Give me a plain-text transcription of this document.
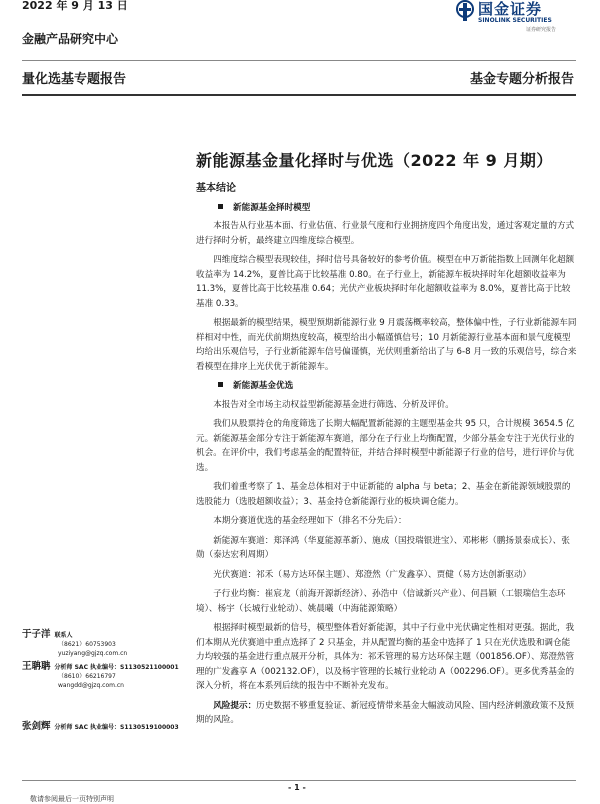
2022 年 9 月 13 日	国金证券
SINOLINK SECURITIES
证券研究报告
金融产品研究中心
量化选基专题报告	基金专题分析报告
新能源基金量化择时与优选（2022 年 9 月期）
基本结论
新能源基金择时模型

本报告从行业基本面、行业估值、行业景气度和行业拥挤度四个角度出发，通过客观定量的方式进行择时分析，最终建立四维度综合模型。

四维度综合模型表现较佳，择时信号具备较好的参考价值。模型在申万新能指数上回测年化超额收益率为 14.2%，夏普比高于比较基准 0.80。在子行业上，新能源车板块择时年化超额收益率为 11.3%，夏普比高于比较基准 0.64；光伏产业板块择时年化超额收益率为 8.0%，夏普比高于比较基准 0.33。

根据最新的模型结果，模型预期新能源行业 9 月震荡概率较高，整体偏中性，子行业新能源车同样相对中性，而光伏前期热度较高，模型给出小幅谨慎信号；10 月新能源行业基本面和景气度模型均给出乐观信号，子行业新能源车信号偏谨慎，光伏则重新给出了与 6-8 月一致的乐观信号，综合来看模型在排序上光伏优于新能源车。

新能源基金优选

本报告对全市场主动权益型新能源基金进行筛选、分析及评价。

我们从股票持仓的角度筛选了长期大幅配置新能源的主题型基金共 95 只，合计规模 3654.5 亿元。新能源基金部分专注于新能源车赛道，部分在子行业上均衡配置，少部分基金专注于光伏行业的机会。在评价中，我们考虑基金的配置特征，并结合择时模型中新能源子行业的信号，进行评价与优选。

我们着重考察了 1、基金总体相对于中证新能的 alpha 与 beta；2、基金在新能源领域股票的选股能力（选股超额收益）；3、基金持仓新能源行业的板块调仓能力。

本期分赛道优选的基金经理如下（排名不分先后）：

新能源车赛道：郑泽鸿（华夏能源革新）、施成（国投瑞银进宝）、邓彬彬（鹏扬景泰成长）、张勋（泰达宏利周期）

光伏赛道：祁禾（易方达环保主题）、郑澄然（广发鑫享）、贾健（易方达创新驱动）

子行业均衡：崔宸龙（前海开源新经济）、孙浩中（信诚新兴产业）、何昌颖（工银瑞信生态环境）、杨宇（长城行业轮动）、姚晨曦（中海能源策略）

根据择时模型最新的信号，模型整体看好新能源，其中子行业中光伏确定性相对更强。据此，我们本期从光伏赛道中重点选择了 2 只基金，并从配置均衡的基金中选择了 1 只在光伏选股和调仓能力均较强的基金进行重点展开分析，具体为：祁禾管理的易方达环保主题（001856.OF）、郑澄然管理的广发鑫享 A（002132.OF），以及杨宇管理的长城行业轮动 A（002296.OF）。更多优秀基金的深入分析，将在本系列后续的报告中不断补充发布。

风险提示：历史数据不够重复验证、新冠疫情带来基金大幅波动风险、国内经济刺激政策不及预期的风险。

于子洋 联系人
（8621）60753903
yuziyang@gjzq.com.cn
王聃聃 分析师 SAC 执业编号：S1130521100001
（8610）66216797
wangdd@gjzq.com.cn
张剑辉 分析师 SAC 执业编号：S1130519100003
- 1 -
敬请参阅最后一页特别声明
